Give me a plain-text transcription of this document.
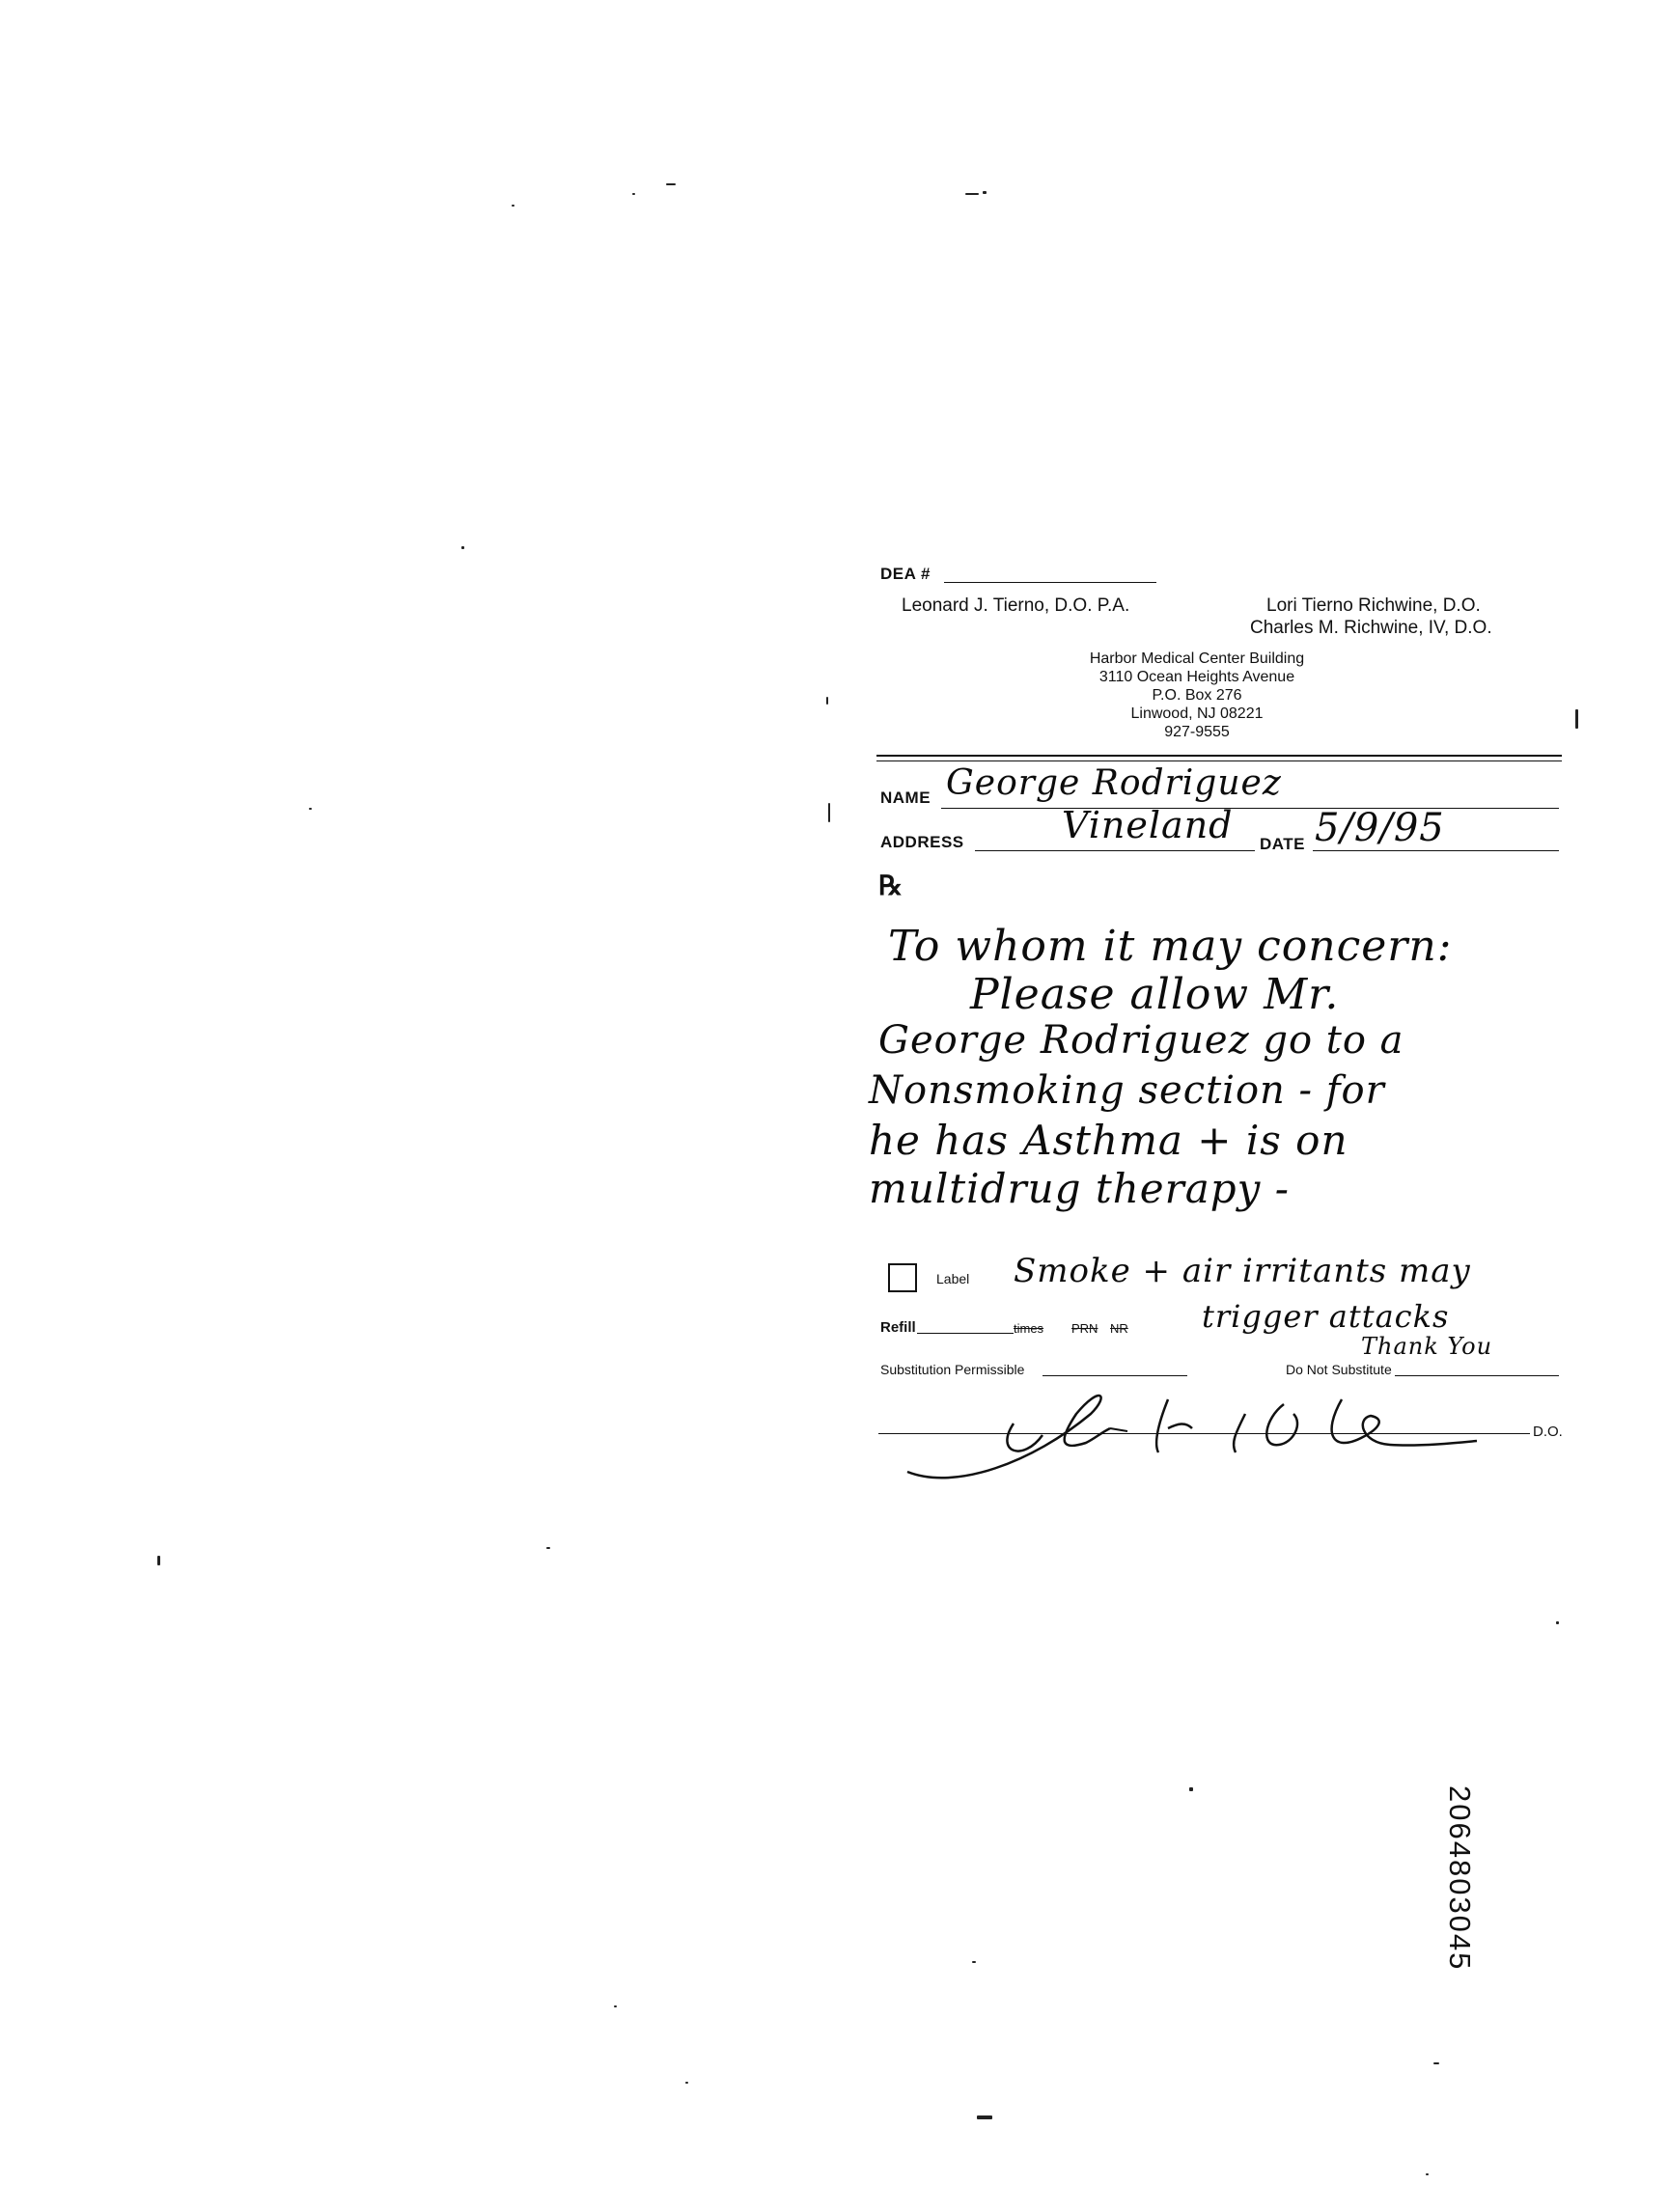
DEA #
Leonard J. Tierno, D.O. P.A.	Lori Tierno Richwine, D.O.
Charles M. Richwine, IV, D.O.
Harbor Medical Center Building
3110 Ocean Heights Avenue
P.O. Box 276
Linwood, NJ 08221
927-9555
NAME George Rodriguez
ADDRESS	Vineland DATE 5/9/95
℞
To whom it may concern:
Please allow Mr.
George Rodriguez go to a
Nonsmoking section - for
he has Asthma + is on
multidrug therapy -
Label Smoke + air irritants may
Refill	times PRN NR trigger attacks
Thank You
Substitution Permissible	Do Not Substitute
D.O.
2064803045
